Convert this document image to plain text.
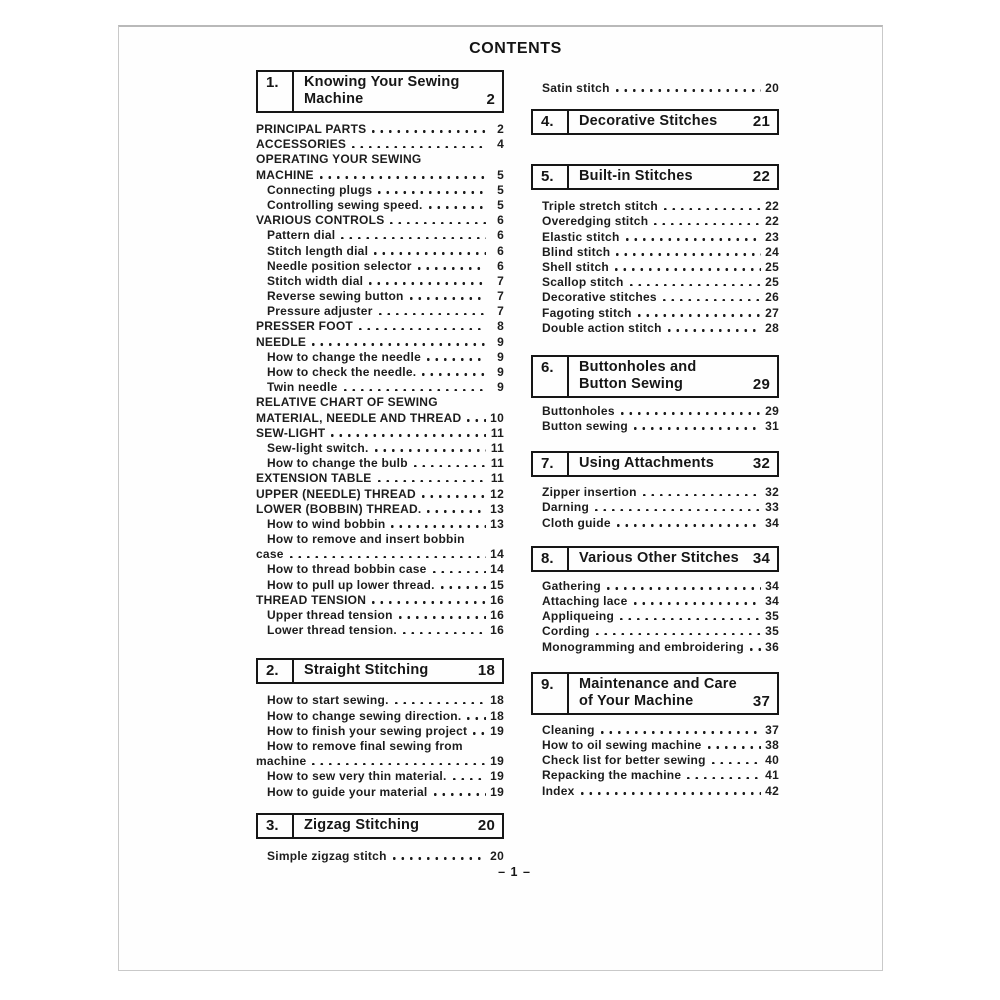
CONTENTS
1.	Knowing Your Sewing
Machine	2
PRINCIPAL PARTS	2
ACCESSORIES	4
OPERATING YOUR SEWING
MACHINE	5
Connecting plugs	5
Controlling sewing speed.	5
VARIOUS CONTROLS	6
Pattern dial	6
Stitch length dial	6
Needle position selector	6
Stitch width dial	7
Reverse sewing button	7
Pressure adjuster	7
PRESSER FOOT	8
NEEDLE	9
How to change the needle	9
How to check the needle.	9
Twin needle	9
RELATIVE CHART OF SEWING
MATERIAL, NEEDLE AND THREAD 10
SEW-LIGHT	11
Sew-light switch.	11
How to change the bulb	11
EXTENSION TABLE	11
UPPER (NEEDLE) THREAD	12
LOWER (BOBBIN) THREAD.	13
How to wind bobbin	13
How to remove and insert bobbin
case	14
How to thread bobbin case	14
How to pull up lower thread.	15
THREAD TENSION	16
Upper thread tension	16
Lower thread tension.	16
2.	Straight Stitching	18
How to start sewing.	18
How to change sewing direction. 18
How to finish your sewing project 19
How to remove final sewing from
machine	19
How to sew very thin material.	19
How to guide your material	19
3.	Zigzag Stitching	20
Simple zigzag stitch	20
Satin stitch	20
4.	Decorative Stitches 21
5.	Built-in Stitches	22
Triple stretch stitch	22
Overedging stitch	22
Elastic stitch	23
Blind stitch	24
Shell stitch	25
Scallop stitch	25
Decorative stitches	26
Fagoting stitch	27
Double action stitch	28
6.	Buttonholes and
Button Sewing	29
Buttonholes	29
Button sewing	31
7.	Using Attachments	32
Zipper insertion	32
Darning	33
Cloth guide	34
8.	Various Other Stitches 34
Gathering	34
Attaching lace	34
Appliqueing	35
Cording	35
Monogramming and embroidering 36
9.	Maintenance and Care
of Your Machine	37
Cleaning	37
How to oil sewing machine	38
Check list for better sewing	40
Repacking the machine	41
Index	42
– 1 –
